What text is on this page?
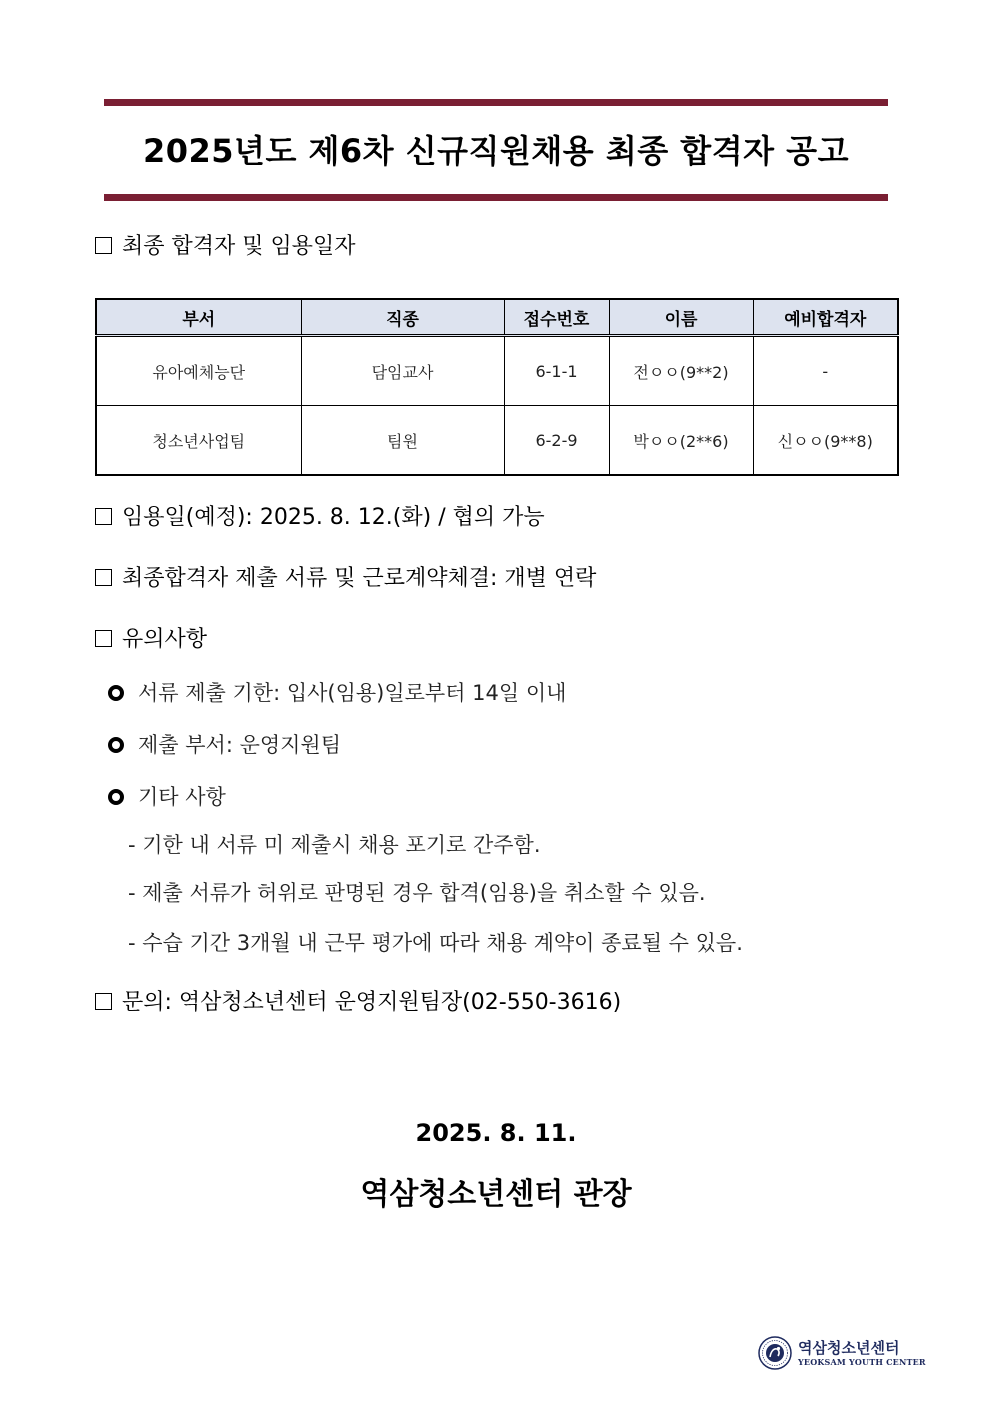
2025년도 제6차 신규직원채용 최종 합격자 공고
최종 합격자 및 임용일자
부서	직종	접수번호	이름	예비합격자
유아예체능단	담임교사	6-1-1	전ㅇㅇ(9**2)	-
청소년사업팀	팀원	6-2-9	박ㅇㅇ(2**6)	신ㅇㅇ(9**8)
임용일(예정): 2025. 8. 12.(화) / 협의 가능
최종합격자 제출 서류 및 근로계약체결: 개별 연락
유의사항
서류 제출 기한: 입사(임용)일로부터 14일 이내
제출 부서: 운영지원팀
기타 사항
- 기한 내 서류 미 제출시 채용 포기로 간주함.
- 제출 서류가 허위로 판명된 경우 합격(임용)을 취소할 수 있음.
- 수습 기간 3개월 내 근무 평가에 따라 채용 계약이 종료될 수 있음.
문의: 역삼청소년센터 운영지원팀장(02-550-3616)
2025. 8. 11.
역삼청소년센터 관장
역삼청소년센터
YEOKSAM YOUTH CENTER
